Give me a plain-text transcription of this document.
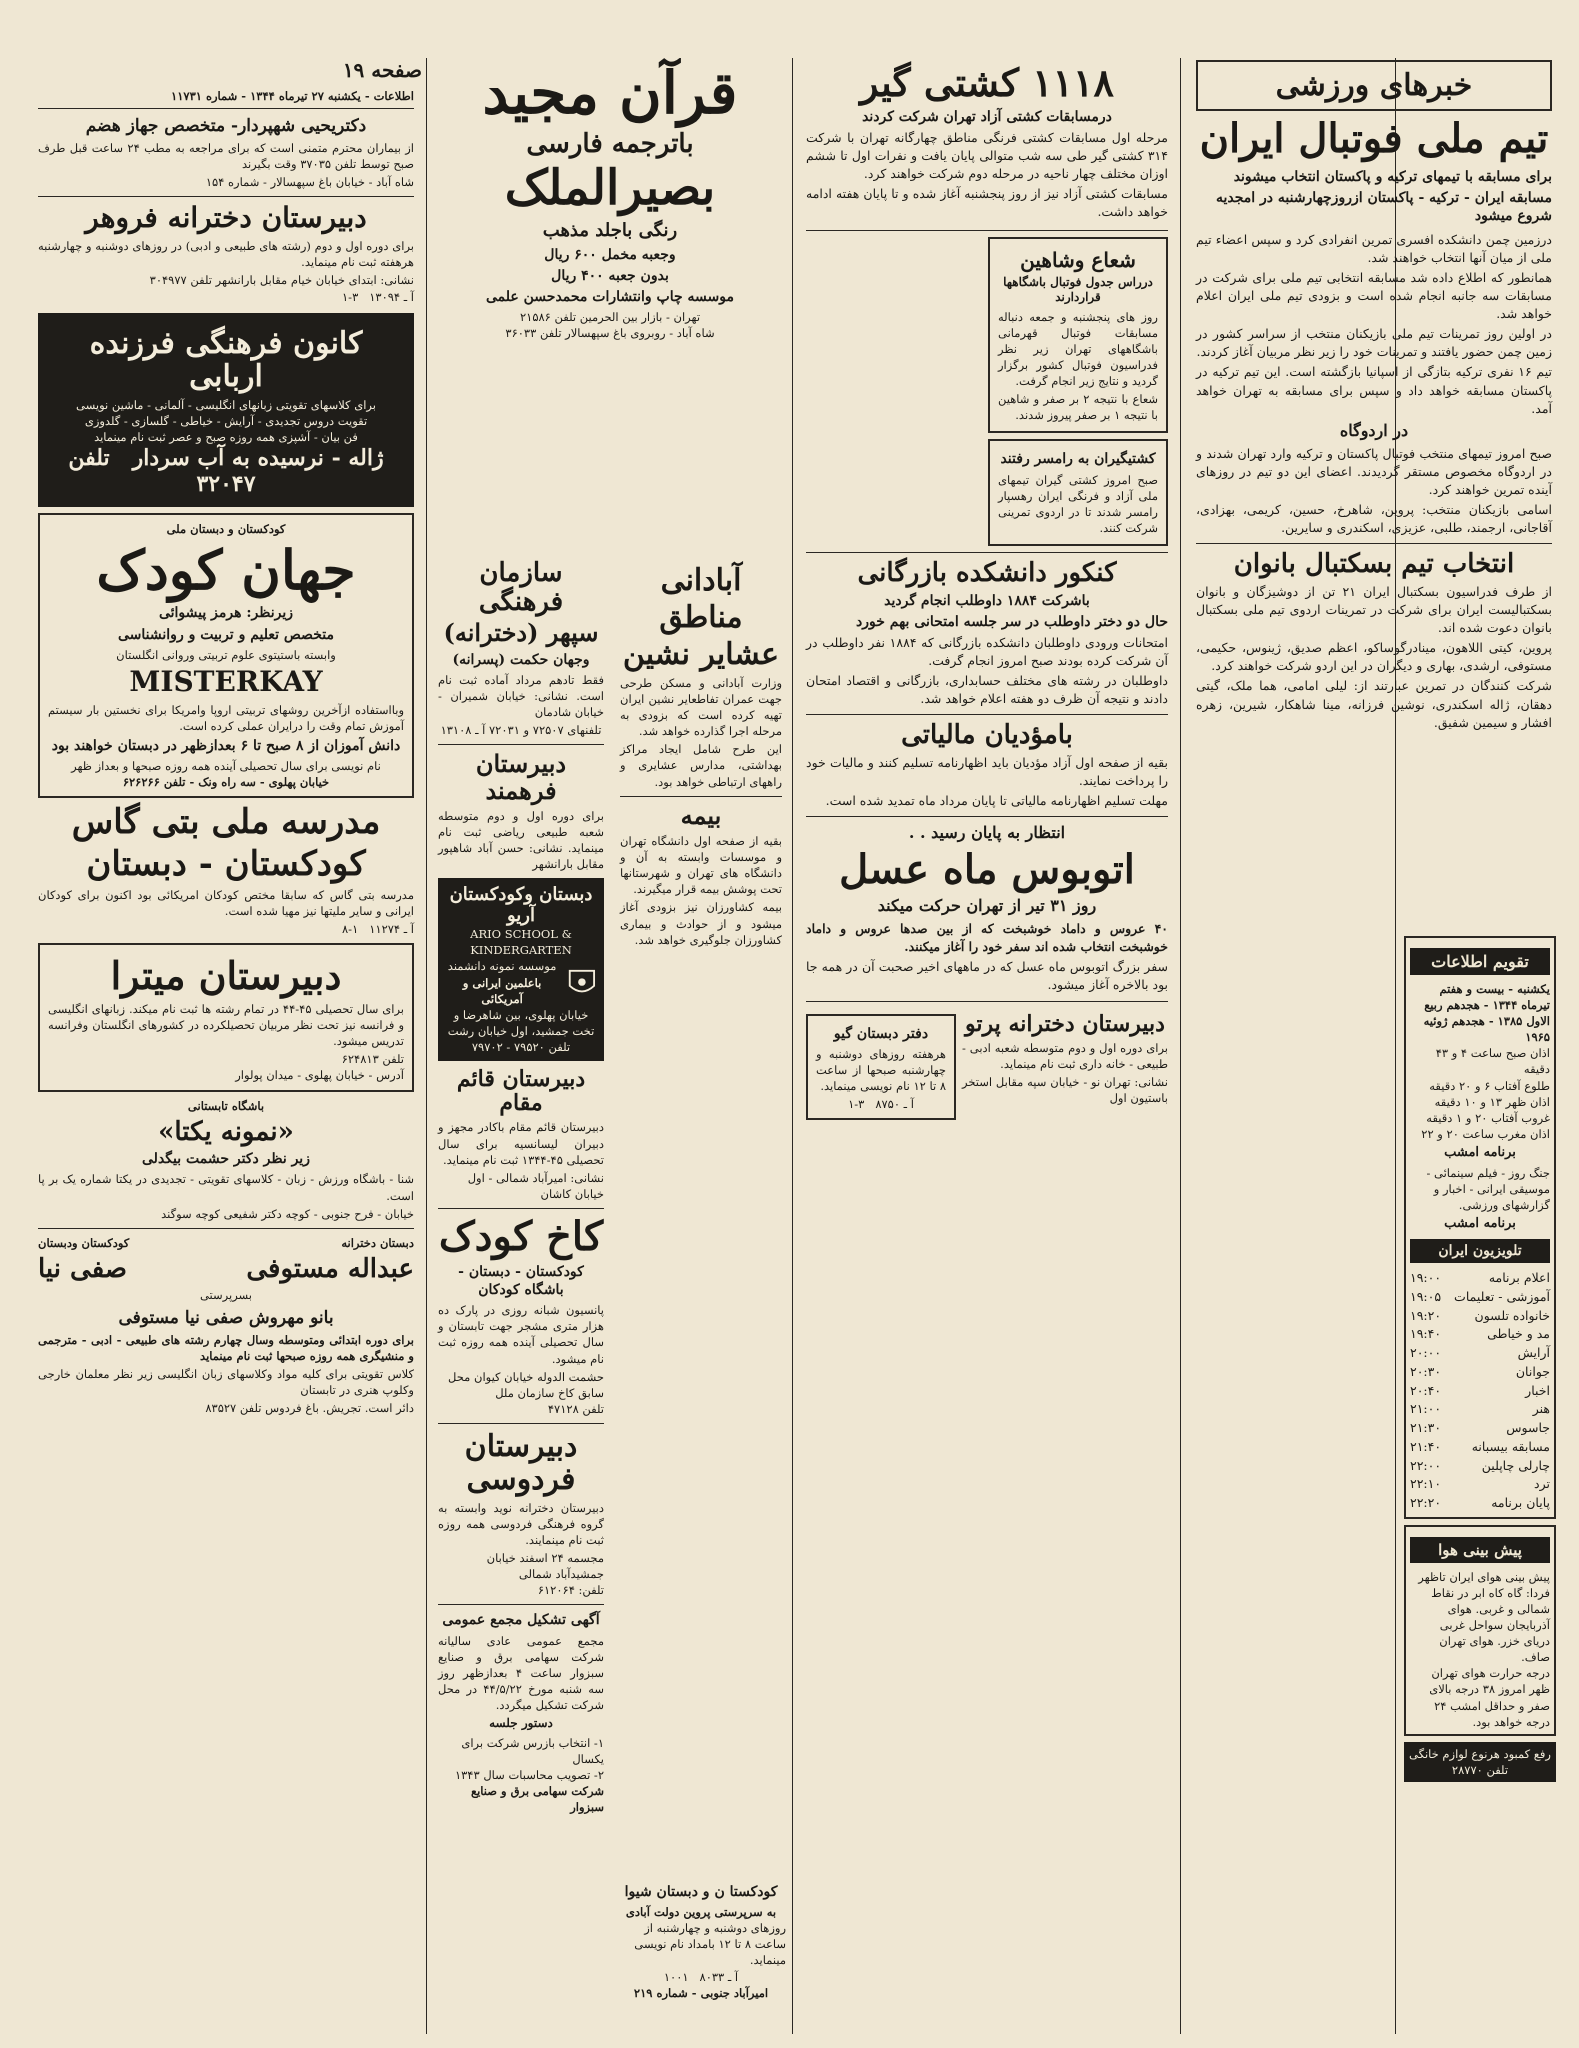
خبرهای ورزشی
تیم ملی فوتبال ایران
برای مسابقه با تیمهای ترکیه و پاکستان انتخاب میشوند
مسابقه ایران - ترکیه - پاکستان ازروزچهارشنبه در امجدیه شروع میشود
درزمین چمن دانشکده افسری تمرین انفرادی کرد و سپس اعضاء تیم ملی از میان آنها انتخاب خواهند شد.
همانطور که اطلاع داده شد مسابقه انتخابی تیم ملی برای شرکت در مسابقات سه جانبه انجام شده است و بزودی تیم ملی ایران اعلام خواهد شد.
در اولین روز تمرینات تیم ملی بازیکنان منتخب از سراسر کشور در زمین چمن حضور یافتند و تمرینات خود را زیر نظر مربیان آغاز کردند.
تیم ۱۶ نفری ترکیه بتازگی از اسپانیا بازگشته است. این تیم ترکیه در پاکستان مسابقه خواهد داد و سپس برای مسابقه به تهران خواهد آمد.
در اردوگاه
صبح امروز تیمهای منتخب فوتبال پاکستان و ترکیه وارد تهران شدند و در اردوگاه مخصوص مستقر گردیدند. اعضای این دو تیم در روزهای آینده تمرین خواهند کرد.
اسامی بازیکنان منتخب: پروین، شاهرخ، حسین، کریمی، بهزادی، آقاجانی، ارجمند، طلبی، عزیزی، اسکندری و سایرین.
انتخاب تیم بسکتبال بانوان
از طرف فدراسیون بسکتبال ایران ۲۱ تن از دوشیزگان و بانوان بسکتبالیست ایران برای شرکت در تمرینات اردوی تیم ملی بسکتبال بانوان دعوت شده اند.
پروین، کیتی اللاهون، مینادرگوساکو، اعظم صدیق، ژینوس، حکیمی، مستوفی، ارشدی، بهاری و دیگران در این اردو شرکت خواهند کرد.
شرکت کنندگان در تمرین عبارتند از: لیلی امامی، هما ملک، گیتی دهقان، ژاله اسکندری، نوشین فرزانه، مینا شاهکار، شیرین، زهره افشار و سیمین شفیق.
تقویم اطلاعات
یکشنبه - بیست و هفتم تیرماه ۱۳۴۴ - هجدهم ربیع الاول ۱۳۸۵ - هجدهم ژوئیه ۱۹۶۵
اذان صبح ساعت ۴ و ۴۳ دقیقه
طلوع آفتاب ۶ و ۲۰ دقیقه
اذان ظهر ۱۳ و ۱۰ دقیقه
غروب آفتاب ۲۰ و ۱ دقیقه
اذان مغرب ساعت ۲۰ و ۲۲
برنامه امشب
جنگ روز - فیلم سینمائی - موسیقی ایرانی - اخبار و گزارشهای ورزشی.
برنامه امشب
تلویزیون ایران
اعلام برنامه
۱۹:۰۰
آموزشی - تعلیمات
۱۹:۰۵
خانواده تلسون
۱۹:۲۰
مد و خیاطی
۱۹:۴۰
آرایش
۲۰:۰۰
جوانان
۲۰:۳۰
اخبار
۲۰:۴۰
هنر
۲۱:۰۰
جاسوس
۲۱:۳۰
مسابقه بیسبانه
۲۱:۴۰
چارلی چاپلین
۲۲:۰۰
ترد
۲۲:۱۰
پایان برنامه
۲۲:۲۰
پیش بینی هوا
پیش بینی هوای ایران تاظهر فردا: گاه کاه ابر در نقاط شمالی و غربی. هوای آذربایجان سواحل غربی دریای خزر. هوای تهران صاف.
درجه حرارت هوای تهران ظهر امروز ۳۸ درجه بالای صفر و حداقل امشب ۲۴ درجه خواهد بود.
رفع کمبود هرنوع لوازم خانگی
تلفن ۲۸۷۷۰
۱۱۱۸ کشتی گیر
درمسابقات کشتی آزاد تهران شرکت کردند
مرحله اول مسابقات کشتی فرنگی مناطق چهارگانه تهران با شرکت ۳۱۴ کشتی گیر طی سه شب متوالی پایان یافت و نفرات اول تا ششم اوزان مختلف چهار ناحیه در مرحله دوم شرکت خواهند کرد.
مسابقات کشتی آزاد نیز از روز پنجشنبه آغاز شده و تا پایان هفته ادامه خواهد داشت.
شعاع وشاهین
درراس جدول فوتبال باشگاهها قراردارند
روز های پنجشنبه و جمعه دنباله مسابقات فوتبال قهرمانی باشگاههای تهران زیر نظر فدراسیون فوتبال کشور برگزار گردید و نتایج زیر انجام گرفت.
شعاع با نتیجه ۲ بر صفر و شاهین با نتیجه ۱ بر صفر پیروز شدند.
کشتیگیران به رامسر رفتند
صبح امروز کشتی گیران تیمهای ملی آزاد و فرنگی ایران رهسپار رامسر شدند تا در اردوی تمرینی شرکت کنند.
کنکور دانشکده بازرگانی
باشرکت ۱۸۸۴ داوطلب انجام گردید
حال دو دختر داوطلب در سر جلسه امتحانی بهم خورد
امتحانات ورودی داوطلبان دانشکده بازرگانی که ۱۸۸۴ نفر داوطلب در آن شرکت کرده بودند صبح امروز انجام گرفت.
داوطلبان در رشته های مختلف حسابداری، بازرگانی و اقتصاد امتحان دادند و نتیجه آن ظرف دو هفته اعلام خواهد شد.
بامؤدیان مالیاتی
بقیه از صفحه اول آزاد مؤدیان باید اظهارنامه تسلیم کنند و مالیات خود را پرداخت نمایند.
مهلت تسلیم اظهارنامه مالیاتی تا پایان مرداد ماه تمدید شده است.
انتظار به پایان رسید . .
اتوبوس ماه عسل
روز ۳۱ تیر از تهران حرکت میکند
۴۰ عروس و داماد خوشبخت که از بین صدها عروس و داماد خوشبخت انتخاب شده اند سفر خود را آغاز میکنند.
سفر بزرگ اتوبوس ماه عسل که در ماههای اخیر صحبت آن در همه جا بود بالاخره آغاز میشود.
دبیرستان دخترانه پرتو
برای دوره اول و دوم متوسطه شعبه ادبی - طبیعی - خانه داری ثبت نام مینماید.
نشانی: تهران نو - خیابان سپه مقابل استخر باستیون اول
دفتر دبستان گیو
هرهفته روزهای دوشنبه و چهارشنبه صبحها از ساعت ۸ تا ۱۲ نام نویسی مینماید.
آ ـ ۸۷۵۰   ۳-۱
آبادانی
مناطق
عشایر نشین
وزارت آبادانی و مسکن طرحی جهت عمران تفاطعایر نشین ایران تهیه کرده است که بزودی به مرحله اجرا گذارده خواهد شد.
این طرح شامل ایجاد مراکز بهداشتی، مدارس عشایری و راههای ارتباطی خواهد بود.
بیمه
بقیه از صفحه اول دانشگاه تهران و موسسات وابسته به آن و دانشگاه های تهران و شهرستانها تحت پوشش بیمه قرار میگیرند.
بیمه کشاورزان نیز بزودی آغاز میشود و از حوادث و بیماری کشاورزان جلوگیری خواهد شد.
قرآن مجید
باترجمه فارسی
بصیرالملک
رنگی باجلد مذهب
وجعبه مخمل ۶۰۰ ریال
بدون جعبه ۴۰۰ ریال
موسسه چاپ وانتشارات محمدحسن علمی
تهران - بازار بین الحرمین تلفن ۲۱۵۸۶
شاه آباد - روبروی باغ سپهسالار تلفن ۳۶۰۳۳
سازمان فرهنگی
سپهر (دخترانه)
وجهان حکمت (پسرانه)
فقط تادهم مرداد آماده ثبت نام است. نشانی: خیابان شمیران - خیابان شادمان
تلفنهای ۷۲۵۰۷ و ۷۲۰۳۱ آ ـ ۱۳۱۰۸
دبیرستان فرهمند
برای دوره اول و دوم متوسطه شعبه طبیعی ریاضی ثبت نام مینماید. نشانی: حسن آباد شاهپور مقابل بارانشهر
دبستان وکودکستان آریو
ARIO SCHOOL & KINDERGARTEN
موسسه نمونه دانشمند
باعلمین ایرانی و آمریکائی
خیابان پهلوی، بین شاهرضا و تخت جمشید، اول خیابان رشت
تلفن ۷۹۵۲۰ - ۷۹۷۰۲
دبیرستان قائم مقام
دبیرستان قائم مقام باکادر مجهز و دبیران لیسانسیه برای سال تحصیلی ۴۵-۱۳۴۴ ثبت نام مینماید.
نشانی: امیرآباد شمالی - اول خیابان کاشان
کاخ کودک
کودکستان - دبستان - باشگاه کودکان
پانسیون شبانه روزی در پارک ده هزار متری مشجر جهت تابستان و سال تحصیلی آینده همه روزه ثبت نام میشود.
حشمت الدوله خیابان کیوان محل سابق کاخ سازمان ملل
تلفن ۴۷۱۲۸
دبیرستان فردوسی
دبیرستان دخترانه نوید وابسته به گروه فرهنگی فردوسی همه روزه ثبت نام مینمایند.
مجسمه ۲۴ اسفند خیابان جمشیدآباد شمالی
تلفن: ۶۱۲۰۶۴
آگهی تشکیل مجمع عمومی
مجمع عمومی عادی سالیانه شرکت سهامی برق و صنایع سبزوار ساعت ۴ بعدازظهر روز سه شنبه مورخ ۴۴/۵/۲۲ در محل شرکت تشکیل میگردد.
دستور جلسه
۱- انتخاب بازرس شرکت برای یکسال
۲- تصویب محاسبات سال ۱۳۴۳
شرکت سهامی برق و صنایع سبزوار
کودکستا ن و دبستان شیوا
به سرپرستی پروین دولت آبادی
روزهای دوشنبه و چهارشنبه از ساعت ۸ تا ۱۲ بامداد نام نویسی مینماید.
آ ـ ۸۰۳۳   ۱۰۰۱
امیرآباد جنوبی - شماره ۲۱۹
صفحه ۱۹
اطلاعات - یکشنبه ۲۷ تیرماه ۱۳۴۴ - شماره ۱۱۷۳۱
دکتریحیی شهپردار- متخصص جهاز هضم
از بیماران محترم متمنی است که برای مراجعه به مطب ۲۴ ساعت قبل طرف صبح توسط تلفن ۳۷۰۳۵ وقت بگیرند
شاه آباد - خیابان باغ سپهسالار - شماره ۱۵۴
دبیرستان دخترانه فروهر
برای دوره اول و دوم (رشته های طبیعی و ادبی) در روزهای دوشنبه و چهارشنبه هرهفته ثبت نام مینماید.
نشانی: ابتدای خیابان خیام مقابل بارانشهر تلفن ۳۰۴۹۷۷
آ ـ ۱۳۰۹۴   ۳-۱
کانون فرهنگی فرزنده اربابی
برای کلاسهای تقویتی زبانهای انگلیسی - آلمانی - ماشین نویسی
تقویت دروس تجدیدی - آرایش - خیاطی - گلسازی - گلدوزی
فن بیان - آشپزی همه روزه صبح و عصر ثبت نام مینماید
ژاله - نرسیده به آب سردار   تلفن ۳۲۰۴۷
کودکستان و دبستان ملی
جهان کودک
زیرنظر: هرمز پیشوائی
متخصص تعلیم و تربیت و روانشناسی
وابسته باستیتوی علوم تربیتی وروانی انگلستان
MISTERKAY
وبااستفاده ازآخرین روشهای تربیتی اروپا وامریکا برای نخستین بار سیستم آموزش تمام وقت را درایران عملی کرده است.
دانش آموزان از ۸ صبح تا ۶ بعدازظهر در دبستان خواهند بود
نام نویسی برای سال تحصیلی آینده همه روزه صبحها و بعداز ظهر
خیابان پهلوی - سه راه ونک - تلفن ۶۲۶۲۶۶
مدرسه ملی بتی گاس
کودکستان - دبستان
مدرسه بتی گاس که سابقا مختص کودکان امریکائی بود اکنون برای کودکان ایرانی و سایر ملیتها نیز مهیا شده است.
آ ـ ۱۱۲۷۴   ۱-۸
دبیرستان میترا
برای سال تحصیلی ۴۵-۴۴ در تمام رشته ها ثبت نام میکند. زبانهای انگلیسی و فرانسه نیز تحت نظر مربیان تحصیلکرده در کشورهای انگلستان وفرانسه تدریس میشود.
تلفن ۶۲۴۸۱۳
آدرس - خیابان پهلوی - میدان پولوار
باشگاه تابستانی
«نمونه یکتا»
زیر نظر دکتر حشمت بیگدلی
شنا - باشگاه ورزش - زبان - کلاسهای تقویتی - تجدیدی در یکتا شماره یک بر پا است.
خیابان - فرح جنوبی - کوچه دکتر شفیعی کوچه سوگند
دبستان دخترانه
کودکستان ودبستان
عبداله مستوفی
صفی نیا
بسرپرستی
بانو مهروش صفی نیا مستوفی
برای دوره ابتدائی ومتوسطه وسال چهارم رشته های طبیعی - ادبی - مترجمی و منشیگری همه روزه صبحها ثبت نام مینماید
کلاس تقویتی برای کلیه مواد وکلاسهای زبان انگلیسی زیر نظر معلمان خارجی وکلوپ هنری در تابستان
دائر است. تجریش. باغ فردوس تلفن ۸۳۵۲۷
